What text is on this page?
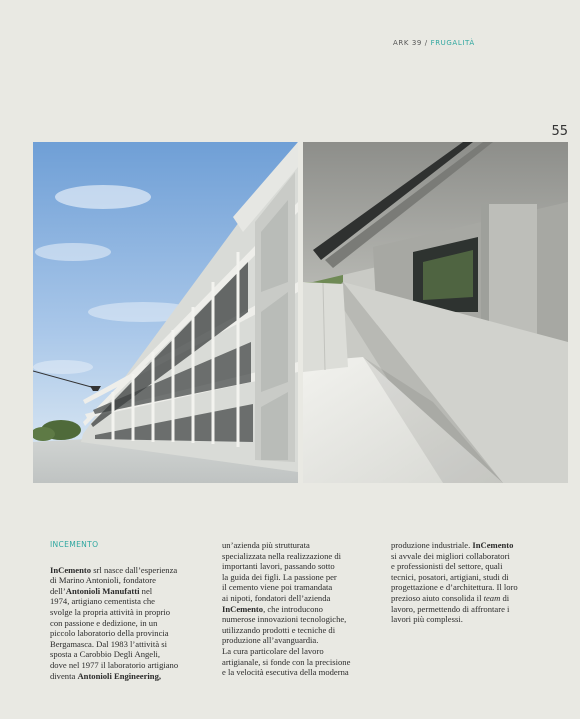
ARK 39 / FRUGALITÀ
55
INCEMENTO
InCemento srl nasce dall’esperienza
di Marino Antonioli, fondatore
dell’Antonioli Manufatti nel
1974, artigiano cementista che
svolge la propria attività in proprio
con passione e dedizione, in un
piccolo laboratorio della provincia
Bergamasca. Dal 1983 l’attività si
sposta a Carobbio Degli Angeli,
dove nel 1977 il laboratorio artigiano
diventa Antonioli Engineering,
un’azienda più strutturata
specializzata nella realizzazione di
importanti lavori, passando sotto
la guida dei figli. La passione per
il cemento viene poi tramandata
ai nipoti, fondatori dell’azienda
InCemento, che introducono
numerose innovazioni tecnologiche,
utilizzando prodotti e tecniche di
produzione all’avanguardia.
La cura particolare del lavoro
artigianale, si fonde con la precisione
e la velocità esecutiva della moderna
produzione industriale. InCemento
si avvale dei migliori collaboratori
e professionisti del settore, quali
tecnici, posatori, artigiani, studi di
progettazione e d’architettura. Il loro
prezioso aiuto consolida il team di
lavoro, permettendo di affrontare i
lavori più complessi.
